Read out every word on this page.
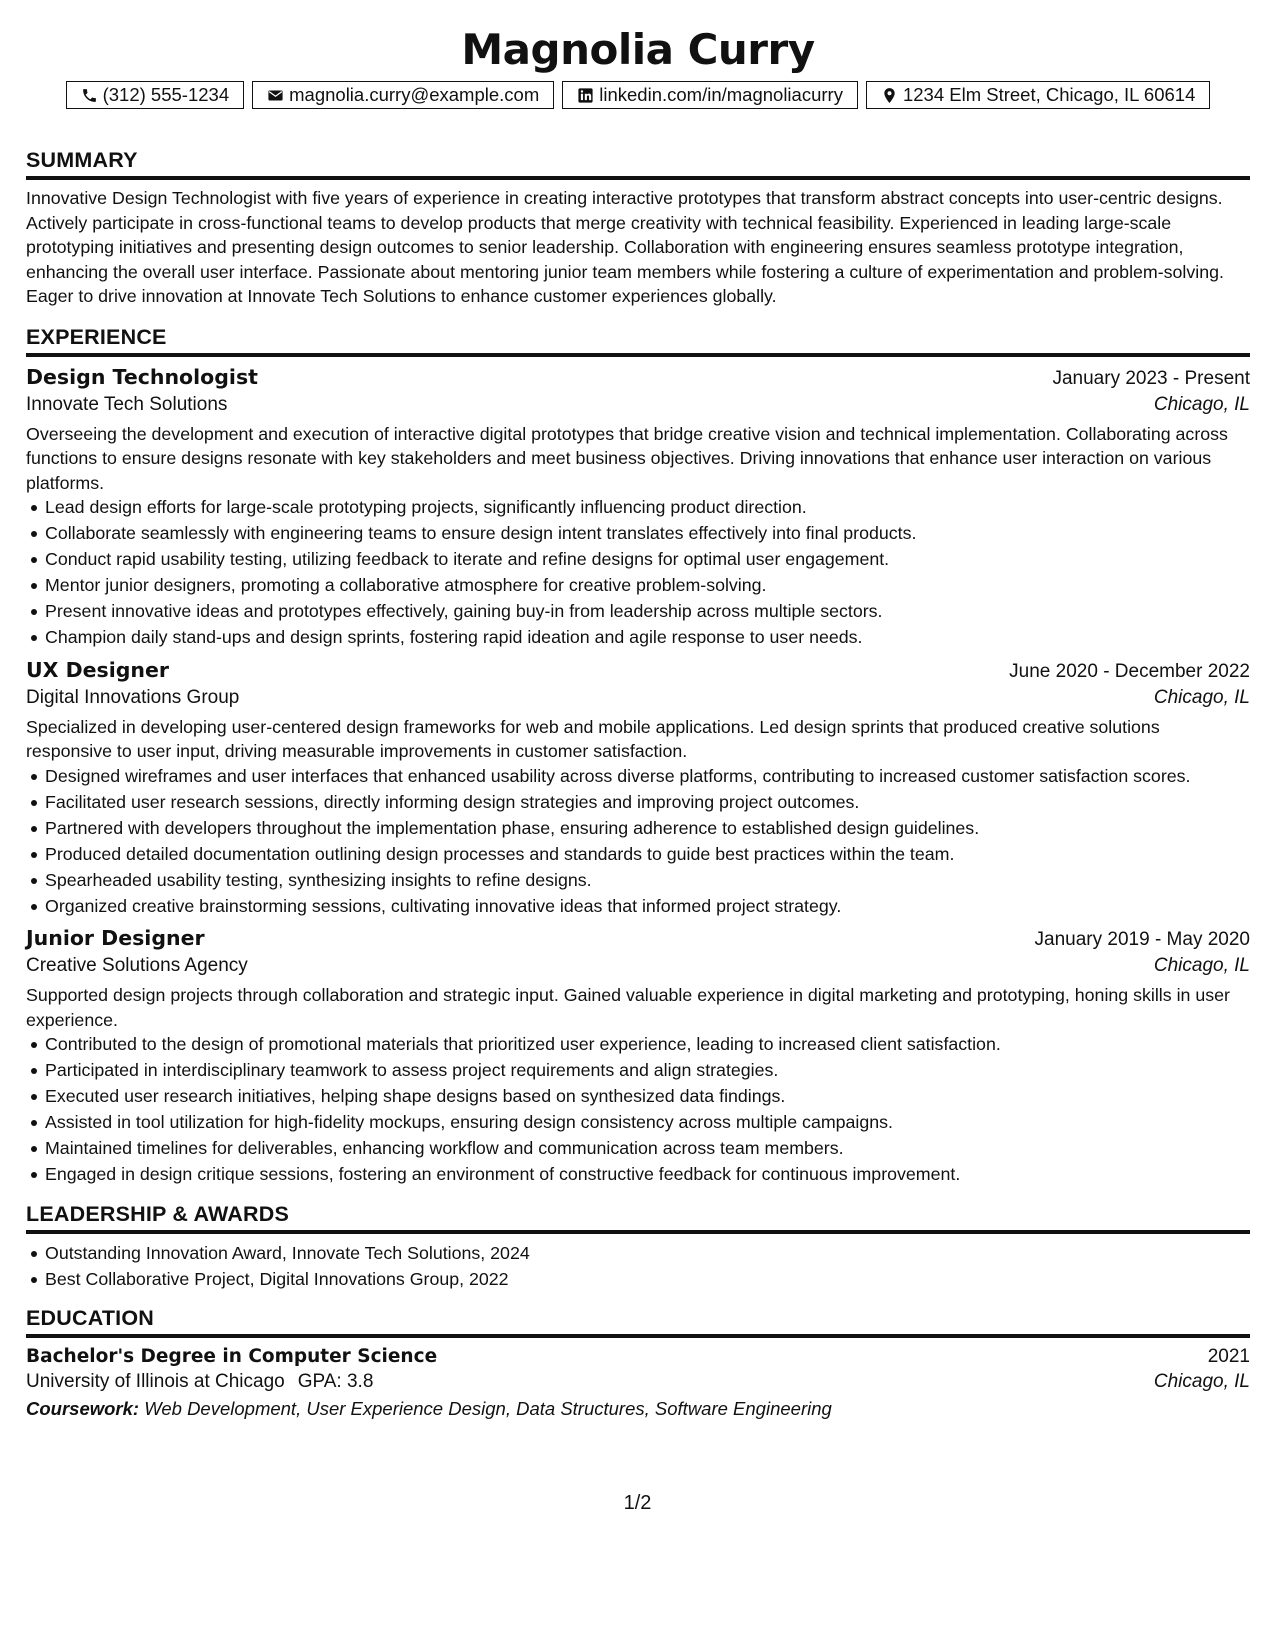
Magnolia Curry
(312) 555-1234	magnolia.curry@example.com	linkedin.com/in/magnoliacurry	1234 Elm Street, Chicago, IL 60614
SUMMARY
Innovative Design Technologist with five years of experience in creating interactive prototypes that transform abstract concepts into user-centric designs. Actively participate in cross-functional teams to develop products that merge creativity with technical feasibility. Experienced in leading large-scale prototyping initiatives and presenting design outcomes to senior leadership. Collaboration with engineering ensures seamless prototype integration, enhancing the overall user interface. Passionate about mentoring junior team members while fostering a culture of experimentation and problem-solving. Eager to drive innovation at Innovate Tech Solutions to enhance customer experiences globally.
EXPERIENCE
Design Technologist	January 2023 - Present
Innovate Tech Solutions	Chicago, IL
Overseeing the development and execution of interactive digital prototypes that bridge creative vision and technical implementation. Collaborating across functions to ensure designs resonate with key stakeholders and meet business objectives. Driving innovations that enhance user interaction on various platforms.
Lead design efforts for large-scale prototyping projects, significantly influencing product direction.
Collaborate seamlessly with engineering teams to ensure design intent translates effectively into final products.
Conduct rapid usability testing, utilizing feedback to iterate and refine designs for optimal user engagement.
Mentor junior designers, promoting a collaborative atmosphere for creative problem-solving.
Present innovative ideas and prototypes effectively, gaining buy-in from leadership across multiple sectors.
Champion daily stand-ups and design sprints, fostering rapid ideation and agile response to user needs.
UX Designer	June 2020 - December 2022
Digital Innovations Group	Chicago, IL
Specialized in developing user-centered design frameworks for web and mobile applications. Led design sprints that produced creative solutions responsive to user input, driving measurable improvements in customer satisfaction.
Designed wireframes and user interfaces that enhanced usability across diverse platforms, contributing to increased customer satisfaction scores.
Facilitated user research sessions, directly informing design strategies and improving project outcomes.
Partnered with developers throughout the implementation phase, ensuring adherence to established design guidelines.
Produced detailed documentation outlining design processes and standards to guide best practices within the team.
Spearheaded usability testing, synthesizing insights to refine designs.
Organized creative brainstorming sessions, cultivating innovative ideas that informed project strategy.
Junior Designer	January 2019 - May 2020
Creative Solutions Agency	Chicago, IL
Supported design projects through collaboration and strategic input. Gained valuable experience in digital marketing and prototyping, honing skills in user experience.
Contributed to the design of promotional materials that prioritized user experience, leading to increased client satisfaction.
Participated in interdisciplinary teamwork to assess project requirements and align strategies.
Executed user research initiatives, helping shape designs based on synthesized data findings.
Assisted in tool utilization for high-fidelity mockups, ensuring design consistency across multiple campaigns.
Maintained timelines for deliverables, enhancing workflow and communication across team members.
Engaged in design critique sessions, fostering an environment of constructive feedback for continuous improvement.
LEADERSHIP & AWARDS
Outstanding Innovation Award, Innovate Tech Solutions, 2024
Best Collaborative Project, Digital Innovations Group, 2022
EDUCATION
Bachelor's Degree in Computer Science	2021
University of Illinois at Chicago GPA: 3.8	Chicago, IL
Coursework: Web Development, User Experience Design, Data Structures, Software Engineering
1/2
